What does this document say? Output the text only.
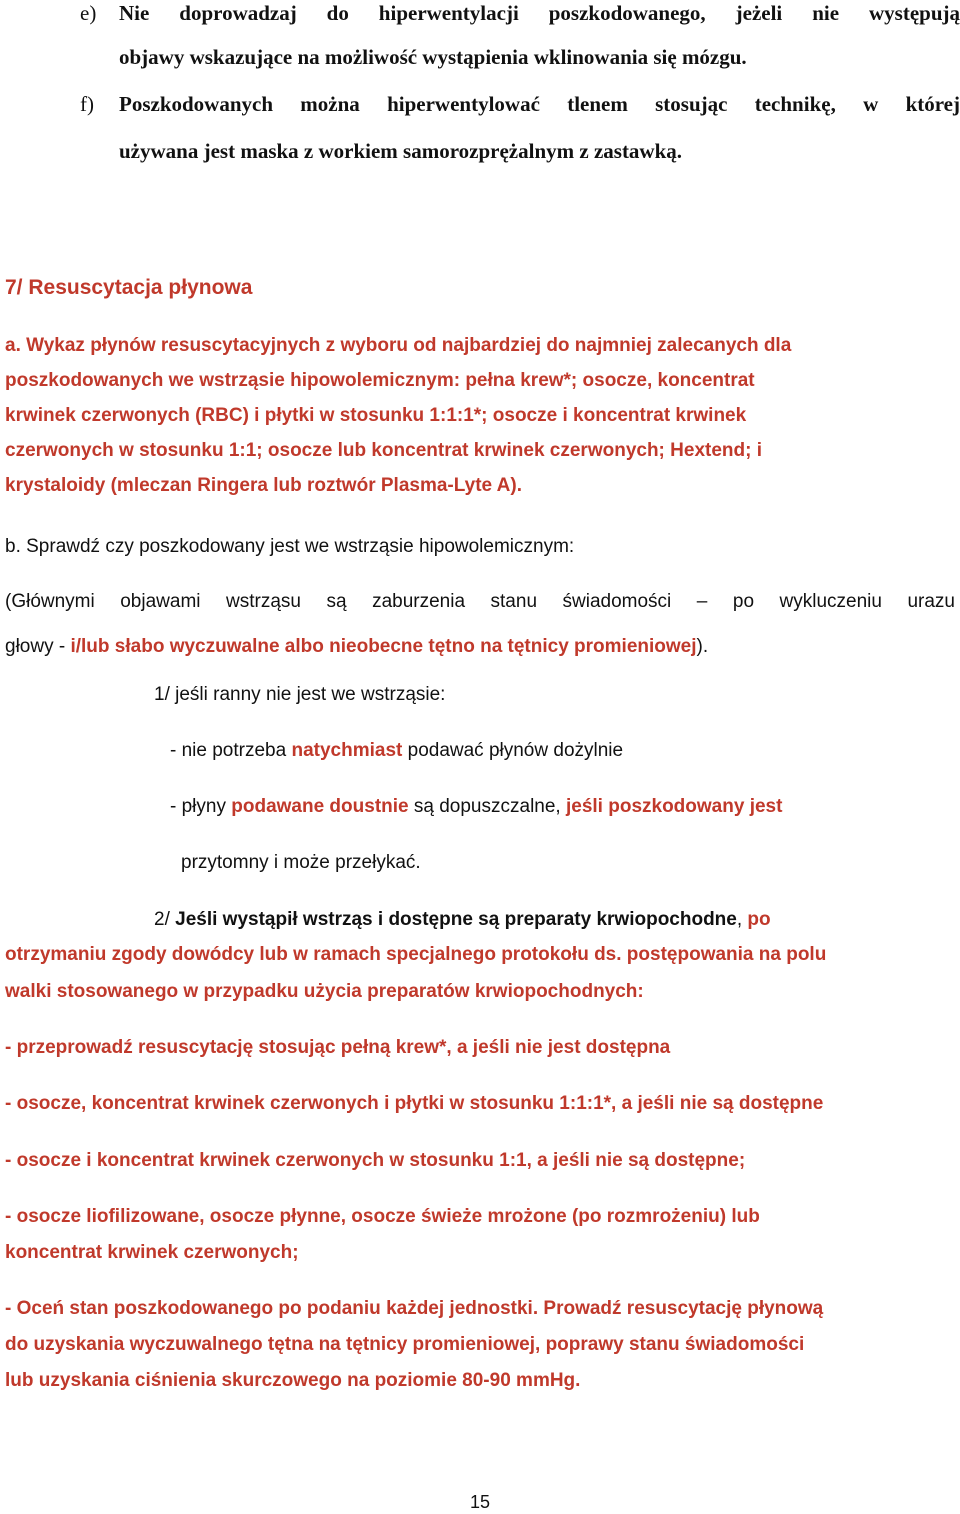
e) Nie doprowadzaj do hiperwentylacji poszkodowanego, jeżeli nie występują
objawy wskazujące na możliwość wystąpienia wklinowania się mózgu.
f) Poszkodowanych można hiperwentylować tlenem stosując technikę, w której
używana jest maska z workiem samorozprężalnym z zastawką.
7/ Resuscytacja płynowa
a. Wykaz płynów resuscytacyjnych z wyboru od najbardziej do najmniej zalecanych dla
poszkodowanych we wstrząsie hipowolemicznym: pełna krew*; osocze, koncentrat
krwinek czerwonych (RBC) i płytki w stosunku 1:1:1*; osocze i koncentrat krwinek
czerwonych w stosunku 1:1; osocze lub koncentrat krwinek czerwonych; Hextend; i
krystaloidy (mleczan Ringera lub roztwór Plasma-Lyte A).
b. Sprawdź czy poszkodowany jest we wstrząsie hipowolemicznym:
(Głównymi objawami wstrząsu są zaburzenia stanu świadomości – po wykluczeniu urazu
głowy - i/lub słabo wyczuwalne albo nieobecne tętno na tętnicy promieniowej).
1/ jeśli ranny nie jest we wstrząsie:
- nie potrzeba natychmiast podawać płynów dożylnie
- płyny podawane doustnie są dopuszczalne, jeśli poszkodowany jest
przytomny i może przełykać.
2/ Jeśli wystąpił wstrząs i dostępne są preparaty krwiopochodne, po
otrzymaniu zgody dowódcy lub w ramach specjalnego protokołu ds. postępowania na polu
walki stosowanego w przypadku użycia preparatów krwiopochodnych:
- przeprowadź resuscytację stosując pełną krew*, a jeśli nie jest dostępna
- osocze, koncentrat krwinek czerwonych i płytki w stosunku 1:1:1*, a jeśli nie są dostępne
- osocze i koncentrat krwinek czerwonych w stosunku 1:1, a jeśli nie są dostępne;
- osocze liofilizowane, osocze płynne, osocze świeże mrożone (po rozmrożeniu) lub
koncentrat krwinek czerwonych;
- Oceń stan poszkodowanego po podaniu każdej jednostki. Prowadź resuscytację płynową
do uzyskania wyczuwalnego tętna na tętnicy promieniowej, poprawy stanu świadomości
lub uzyskania ciśnienia skurczowego na poziomie 80-90 mmHg.
15
